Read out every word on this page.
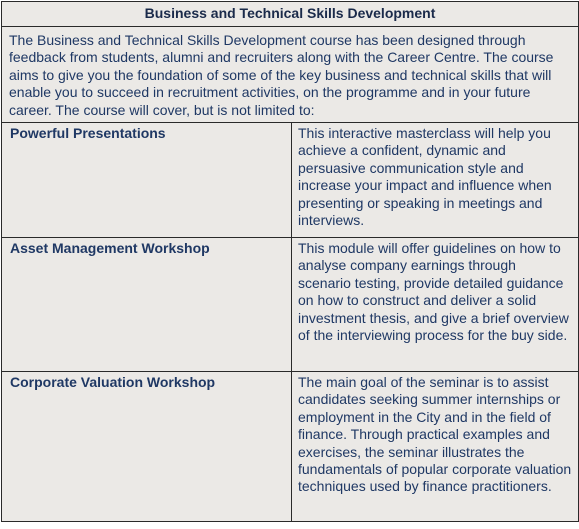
Business and Technical Skills Development	

The Business and Technical Skills Development course has been designed through feedback from students, alumni and recruiters along with the Career Centre. The course aims to give you the foundation of some of the key business and technical skills that will enable you to succeed in recruitment activities, on the programme and in your future career. The course will cover, but is not limited to:	

Powerful Presentations	This interactive masterclass will help you achieve a confident, dynamic and persuasive communication style and increase your impact and influence when presenting or speaking in meetings and interviews.

Asset Management Workshop	This module will offer guidelines on how to analyse company earnings through scenario testing, provide detailed guidance on how to construct and deliver a solid investment thesis, and give a brief overview of the interviewing process for the buy side.

Corporate Valuation Workshop	The main goal of the seminar is to assist candidates seeking summer internships or employment in the City and in the field of finance. Through practical examples and exercises, the seminar illustrates the fundamentals of popular corporate valuation techniques used by finance practitioners.
